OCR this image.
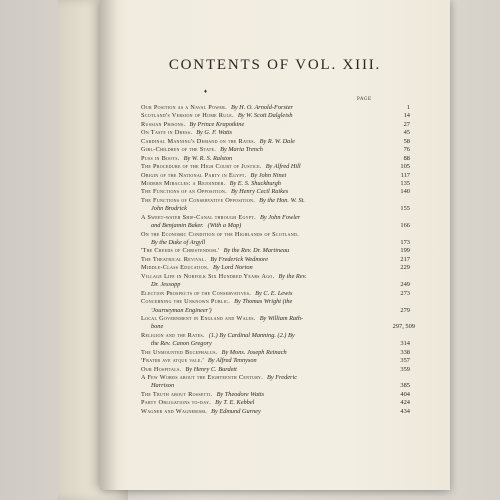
CONTENTS OF VOL. XIII.
♦
PAGE
Our Position as a Naval Power. By H. O. Arnold-Forster	1
Scotland's Version of Home Rule. By W. Scott Dalgleish	14
Russian Prisons. By Prince Krapotkine	27
On Taste in Dress. By G. F. Watts	45
Cardinal Manning's Demand on the Rates. By R. W. Dale	58
Girl-Children of the State. By Maria Trench	76
Puss in Boots. By W. R. S. Ralston	88
The Procedure of the High Court of Justice. By Alfred Hill	105
Origin of the National Party in Egypt. By John Ninet	117
Modern Miracles: a Rejoinder. By E. S. Shuckburgh	135
The Functions of an Opposition. By Henry Cecil Raikes	140
The Functions of Conservative Opposition. By the Hon. W. St.
John Brodrick	155
A Sweet-water Ship-Canal through Egypt. By John Fowler
and Benjamin Baker. (With a Map)	166
On the Economic Condition of the Highlands of Scotland.
By the Duke of Argyll	173
'The Creeds of Christendom.' By the Rev. Dr. Martineau	199
The Theatrical Revival. By Frederick Wedmore	217
Middle-Class Education. By Lord Norton	229
Village Life in Norfolk Six Hundred Years Ago. By the Rev.
Dr. Jessopp	249
Election Prospects of the Conservatives. By C. E. Lewis	273
Concerning the Unknown Public. By Thomas Wright (the
'Journeyman Engineer')	279
Local Government in England and Wales. By William Rath-
bone	297, 509
Religion and the Rates. (1.) By Cardinal Manning. (2.) By
the Rev. Canon Gregory	314
The Unmounted Bucephalus. By Mons. Joseph Reinach	338
'Frater ave atque vale.' By Alfred Tennyson	357
Our Hospitals. By Henry C. Burdett	359
A Few Words about the Eighteenth Century. By Frederic
Harrison	385
The Truth about Rossetti. By Theodore Watts	404
Party Obligations to-day. By T. E. Kebbel	424
Wagner and Wagnerism. By Edmund Gurney	434
